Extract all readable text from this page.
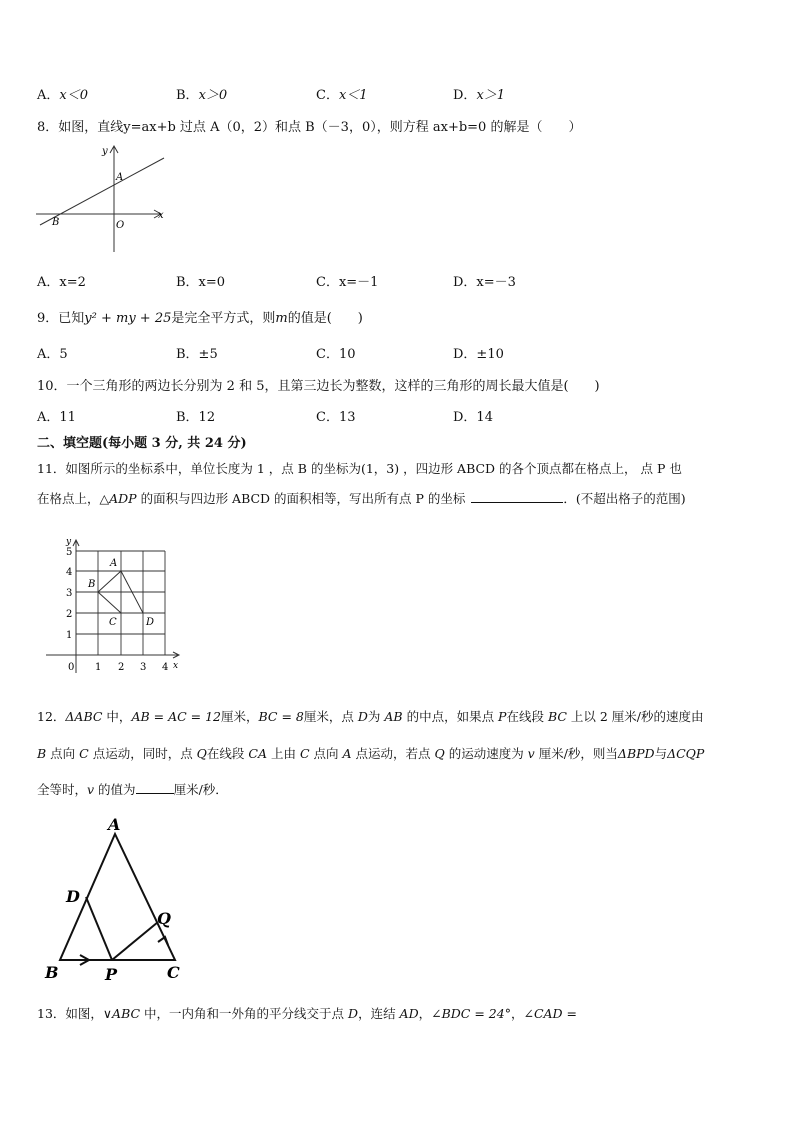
A．x＜0	B．x＞0	C．x＜1	D．x＞1
8．如图，直线y=ax+b 过点 A（0，2）和点 B（－3，0），则方程 ax+b=0 的解是（　　）
y
x
A
B	O
A．x=2	B．x=0	C．x=－1	D．x=－3
9．已知y² + my + 25是完全平方式，则m的值是(　　)
A．5	B．±5	C．10	D．±10
10．一个三角形的两边长分别为 2 和 5，且第三边长为整数，这样的三角形的周长最大值是(　　)
A．11	B．12	C．13	D．14
二、填空题(每小题 3 分, 共 24 分)
11．如图所示的坐标系中，单位长度为 1 ，点 B 的坐标为(1，3) ，四边形 ABCD 的各个顶点都在格点上， 点 P 也
在格点上，△ADP 的面积与四边形 ABCD 的面积相等，写出所有点 P 的坐标	．(不超出格子的范围)
y
x
0 1 2 3 4
1
2
3
4
5
A
B
C	D
12．ΔABC 中，AB = AC = 12厘米，BC = 8厘米，点 D为 AB 的中点，如果点 P在线段 BC 上以 2 厘米/秒的速度由
B 点向 C 点运动，同时，点 Q在线段 CA 上由 C 点向 A 点运动，若点 Q 的运动速度为 v 厘米/秒，则当ΔBPD与ΔCQP
全等时，v 的值为	厘米/秒．
A
B	C
D
P
Q
13．如图，∨ABC 中，一内角和一外角的平分线交于点 D，连结 AD，∠BDC = 24°，∠CAD =
